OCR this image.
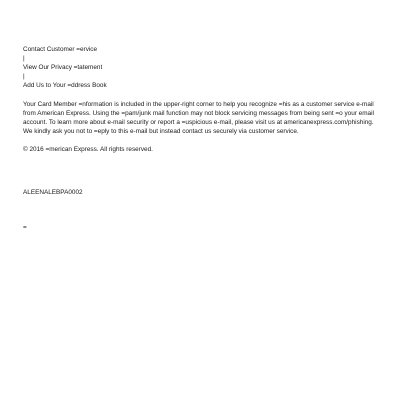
Contact Customer =ervice
|
View Our Privacy =tatement
|
Add Us to Your =ddress Book

Your Card Member =nformation is included in the upper-right corner to help you recognize =his as a customer service e-mail from American Express. Using the =pam/junk mail function may not block servicing messages from being sent =o your email account. To learn more about e-mail security or report a =uspicious e-mail, please visit us at americanexpress.com/phishing. We kindly ask you not to =eply to this e-mail but instead contact us securely via customer service.

© 2016 =merican Express. All rights reserved.
ALEENALEBPA0002
=
